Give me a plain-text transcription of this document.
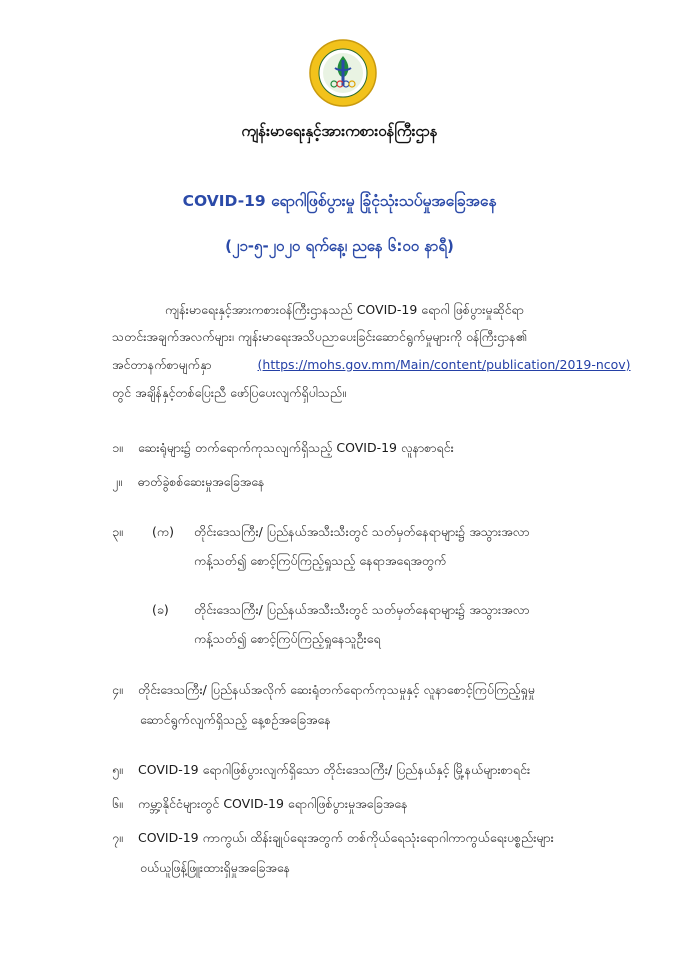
ကျန်းမာရေးနှင့်အားကစားဝန်ကြီးဌာန
COVID-19 ရောဂါဖြစ်ပွားမှု ခြုံငုံသုံးသပ်မှုအခြေအနေ
(၂၁-၅-၂၀၂၀ ရက်နေ့၊ ညနေ ၆:၀၀ နာရီ)
ကျန်းမာရေးနှင့်အားကစားဝန်ကြီးဌာနသည် COVID-19 ရောဂါ ဖြစ်ပွားမှုဆိုင်ရာ
သတင်းအချက်အလက်များ၊ ကျန်းမာရေးအသိပညာပေးခြင်းဆောင်ရွက်မှုများကို ဝန်ကြီးဌာန၏
အင်တာနက်စာမျက်နှာ	(https://mohs.gov.mm/Main/content/publication/2019-ncov)
တွင် အချိန်နှင့်တစ်ပြေးညီ ဖော်ပြပေးလျက်ရှိပါသည်။
၁။ ဆေးရုံများ၌ တက်ရောက်ကုသလျက်ရှိသည့် COVID-19 လူနာစာရင်း
၂။ ဓာတ်ခွဲစစ်ဆေးမှုအခြေအနေ
၃။	(က) တိုင်းဒေသကြီး/ ပြည်နယ်အသီးသီးတွင် သတ်မှတ်နေရာများ၌ အသွားအလာ
ကန့်သတ်၍ စောင့်ကြပ်ကြည့်ရှုသည့် နေရာအရေအတွက်
(ခ) တိုင်းဒေသကြီး/ ပြည်နယ်အသီးသီးတွင် သတ်မှတ်နေရာများ၌ အသွားအလာ
ကန့်သတ်၍ စောင့်ကြပ်ကြည့်ရှုနေသူဦးရေ
၄။ တိုင်းဒေသကြီး/ ပြည်နယ်အလိုက် ဆေးရုံတက်ရောက်ကုသမှုနှင့် လူနာစောင့်ကြပ်ကြည့်ရှုမှု
ဆောင်ရွက်လျက်ရှိသည့် နေ့စဉ်အခြေအနေ
၅။ COVID-19 ရောဂါဖြစ်ပွားလျက်ရှိသော တိုင်းဒေသကြီး/ ပြည်နယ်နှင့် မြို့နယ်များစာရင်း
၆။ ကမ္ဘာ့နိုင်ငံများတွင် COVID-19 ရောဂါဖြစ်ပွားမှုအခြေအနေ
၇။ COVID-19 ကာကွယ်၊ ထိန်းချုပ်ရေးအတွက် တစ်ကိုယ်ရေသုံးရောဂါကာကွယ်ရေးပစ္စည်းများ
ဝယ်ယူဖြန့်ဖြူးထားရှိမှုအခြေအနေ
